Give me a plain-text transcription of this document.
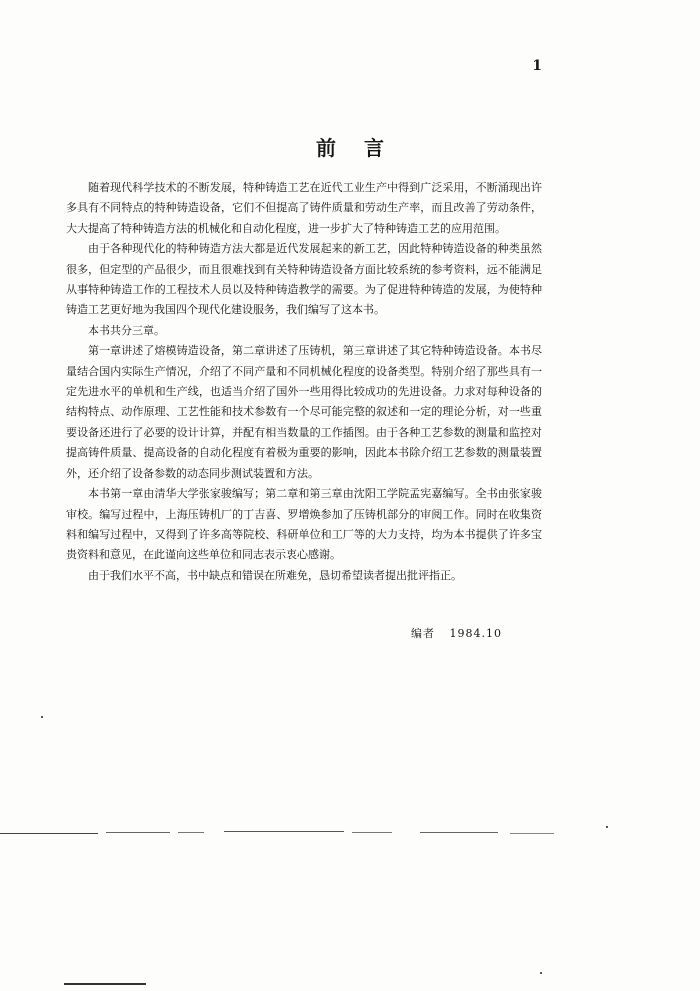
1
前言

随着现代科学技术的不断发展，特种铸造工艺在近代工业生产中得到广泛采用，不断涌现出许多具有不同特点的特种铸造设备，它们不但提高了铸件质量和劳动生产率，而且改善了劳动条件，大大提高了特种铸造方法的机械化和自动化程度，进一步扩大了特种铸造工艺的应用范围。

由于各种现代化的特种铸造方法大都是近代发展起来的新工艺，因此特种铸造设备的种类虽然很多，但定型的产品很少，而且很难找到有关特种铸造设备方面比较系统的参考资料，远不能满足从事特种铸造工作的工程技术人员以及特种铸造教学的需要。为了促进特种铸造的发展，为使特种铸造工艺更好地为我国四个现代化建设服务，我们编写了这本书。

本书共分三章。

第一章讲述了熔模铸造设备，第二章讲述了压铸机，第三章讲述了其它特种铸造设备。本书尽量结合国内实际生产情况，介绍了不同产量和不同机械化程度的设备类型。特别介绍了那些具有一定先进水平的单机和生产线，也适当介绍了国外一些用得比较成功的先进设备。力求对每种设备的结构特点、动作原理、工艺性能和技术参数有一个尽可能完整的叙述和一定的理论分析，对一些重要设备还进行了必要的设计计算，并配有相当数量的工作插图。由于各种工艺参数的测量和监控对提高铸件质量、提高设备的自动化程度有着极为重要的影响，因此本书除介绍工艺参数的测量装置外，还介绍了设备参数的动态同步测试装置和方法。

本书第一章由清华大学张家骏编写；第二章和第三章由沈阳工学院孟宪嘉编写。全书由张家骏审校。编写过程中，上海压铸机厂的丁吉喜、罗增焕参加了压铸机部分的审阅工作。同时在收集资料和编写过程中，又得到了许多高等院校、科研单位和工厂等的大力支持，均为本书提供了许多宝贵资料和意见，在此谨向这些单位和同志表示衷心感谢。

由于我们水平不高，书中缺点和错误在所难免，恳切希望读者提出批评指正。

编者 1984.10
